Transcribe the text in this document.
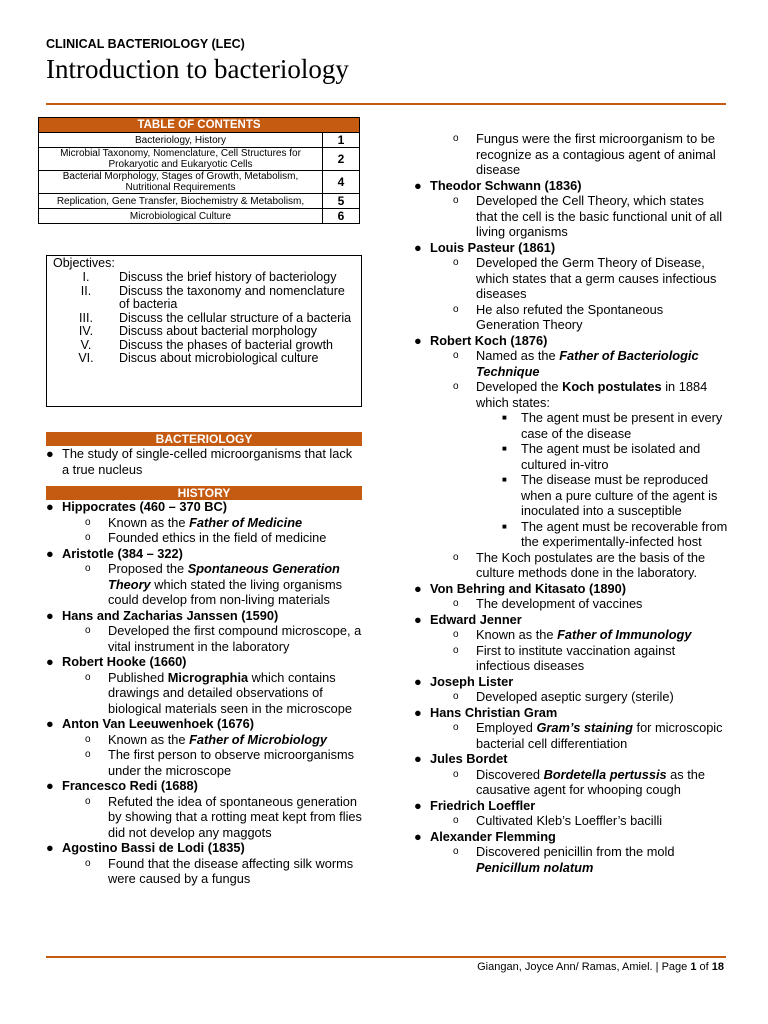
CLINICAL BACTERIOLOGY (LEC)
Introduction to bacteriology
TABLE OF CONTENTS	
Bacteriology, History	1
Microbial Taxonomy, Nomenclature, Cell Structures for Prokaryotic and Eukaryotic Cells	2
Bacterial Morphology, Stages of Growth, Metabolism, Nutritional Requirements	4
Replication, Gene Transfer, Biochemistry & Metabolism,	5
Microbiological Culture	6
Objectives:
I.	Discuss the brief history of bacteriology
II.	Discuss the taxonomy and nomenclature of bacteria
III.	Discuss the cellular structure of a bacteria
IV.	Discuss about bacterial morphology
V.	Discuss the phases of bacterial growth
VI.	Discus about microbiological culture
BACTERIOLOGY
● The study of single-celled microorganisms that lack a true nucleus
HISTORY
● Hippocrates (460 – 370 BC)
o Known as the Father of Medicine
o Founded ethics in the field of medicine
● Aristotle (384 – 322)
o Proposed the Spontaneous Generation Theory which stated the living organisms could develop from non-living materials
● Hans and Zacharias Janssen (1590)
o Developed the first compound microscope, a vital instrument in the laboratory
● Robert Hooke (1660)
o Published Micrographia which contains drawings and detailed observations of biological materials seen in the microscope
● Anton Van Leeuwenhoek (1676)
o Known as the Father of Microbiology
o The first person to observe microorganisms under the microscope
● Francesco Redi (1688)
o Refuted the idea of spontaneous generation by showing that a rotting meat kept from flies did not develop any maggots
● Agostino Bassi de Lodi (1835)
o Found that the disease affecting silk worms were caused by a fungus
o Fungus were the first microorganism to be recognize as a contagious agent of animal disease
● Theodor Schwann (1836)
o Developed the Cell Theory, which states that the cell is the basic functional unit of all living organisms
● Louis Pasteur (1861)
o Developed the Germ Theory of Disease, which states that a germ causes infectious diseases
o He also refuted the Spontaneous Generation Theory
● Robert Koch (1876)
o Named as the Father of Bacteriologic Technique
o Developed the Koch postulates in 1884 which states:
■ The agent must be present in every case of the disease
■ The agent must be isolated and cultured in-vitro
■ The disease must be reproduced when a pure culture of the agent is inoculated into a susceptible
■ The agent must be recoverable from the experimentally-infected host
o The Koch postulates are the basis of the culture methods done in the laboratory.
● Von Behring and Kitasato (1890)
o The development of vaccines
● Edward Jenner
o Known as the Father of Immunology
o First to institute vaccination against infectious diseases
● Joseph Lister
o Developed aseptic surgery (sterile)
● Hans Christian Gram
o Employed Gram’s staining for microscopic bacterial cell differentiation
● Jules Bordet
o Discovered Bordetella pertussis as the causative agent for whooping cough
● Friedrich Loeffler
o Cultivated Kleb’s Loeffler’s bacilli
● Alexander Flemming
o Discovered penicillin from the mold Penicillum nolatum
Giangan, Joyce Ann/ Ramas, Amiel. | Page 1 of 18
